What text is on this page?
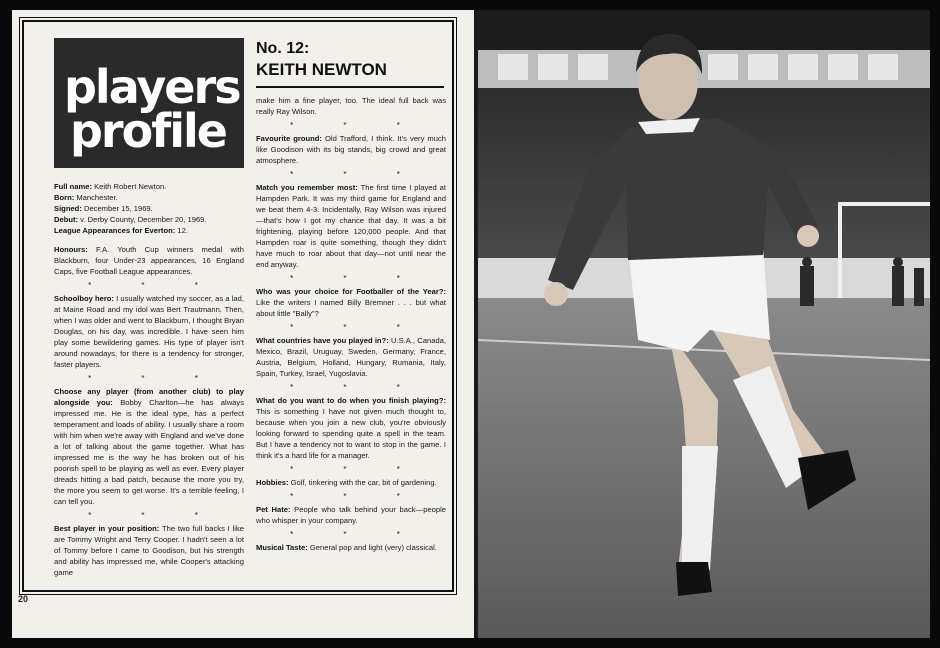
players
profile
No. 12:
KEITH NEWTON

Full name: Keith Robert Newton.

Born: Manchester.

Signed: December 15, 1969.

Debut: v. Derby County, December 20, 1969.

League Appearances for Everton: 12.

Honours: F.A. Youth Cup winners medal with Blackburn, four Under-23 appearances, 16 England Caps, five Football League appearances.

* * *

Schoolboy hero: I usually watched my soccer, as a lad, at Maine Road and my idol was Bert Trautmann. Then, when I was older and went to Blackburn, I thought Bryan Douglas, on his day, was incredible. I have seen him play some bewildering games. His type of player isn't around nowadays, for there is a tendency for stronger, faster players.

* * *

Choose any player (from another club) to play alongside you: Bobby Charlton—he has always impressed me. He is the ideal type, has a perfect temperament and loads of ability. I usually share a room with him when we're away with England and we've done a lot of talking about the game together. What has impressed me is the way he has broken out of his poorish spell to be playing as well as ever. Every player dreads hitting a bad patch, because the more you try, the more you seem to get worse. It's a terrible feeling, I can tell you.

* * *

Best player in your position: The two full backs I like are Tommy Wright and Terry Cooper. I hadn't seen a lot of Tommy before I came to Goodison, but his strength and ability has impressed me, while Cooper's attacking game

make him a fine player, too. The ideal full back was really Ray Wilson.

* * *

Favourite ground: Old Trafford, I think. It's very much like Goodison with its big stands, big crowd and great atmosphere.

* * *

Match you remember most: The first time I played at Hampden Park. It was my third game for England and we beat them 4-3. Incidentally, Ray Wilson was injured—that's how I got my chance that day. It was a bit frightening, playing before 120,000 people. And that Hampden roar is quite something, though they didn't have much to roar about that day—not until near the end anyway.

* * *

Who was your choice for Footballer of the Year?: Like the writers I named Billy Bremner . . . but what about little "Bally"?

* * *

What countries have you played in?: U.S.A., Canada, Mexico, Brazil, Uruguay, Sweden, Germany, France, Austria, Belgium, Holland, Hungary, Rumania, Italy, Spain, Turkey, Israel, Yugoslavia.

* * *

What do you want to do when you finish playing?: This is something I have not given much thought to, because when you join a new club, you're obviously looking forward to spending quite a spell in the team. But I have a tendency not to want to stop in the game. I think it's a hard life for a manager.

* * *

Hobbies: Golf, tinkering with the car, bit of gardening.

* * *

Pet Hate: People who talk behind your back—people who whisper in your company.

* * *

Musical Taste: General pop and light (very) classical.

20
